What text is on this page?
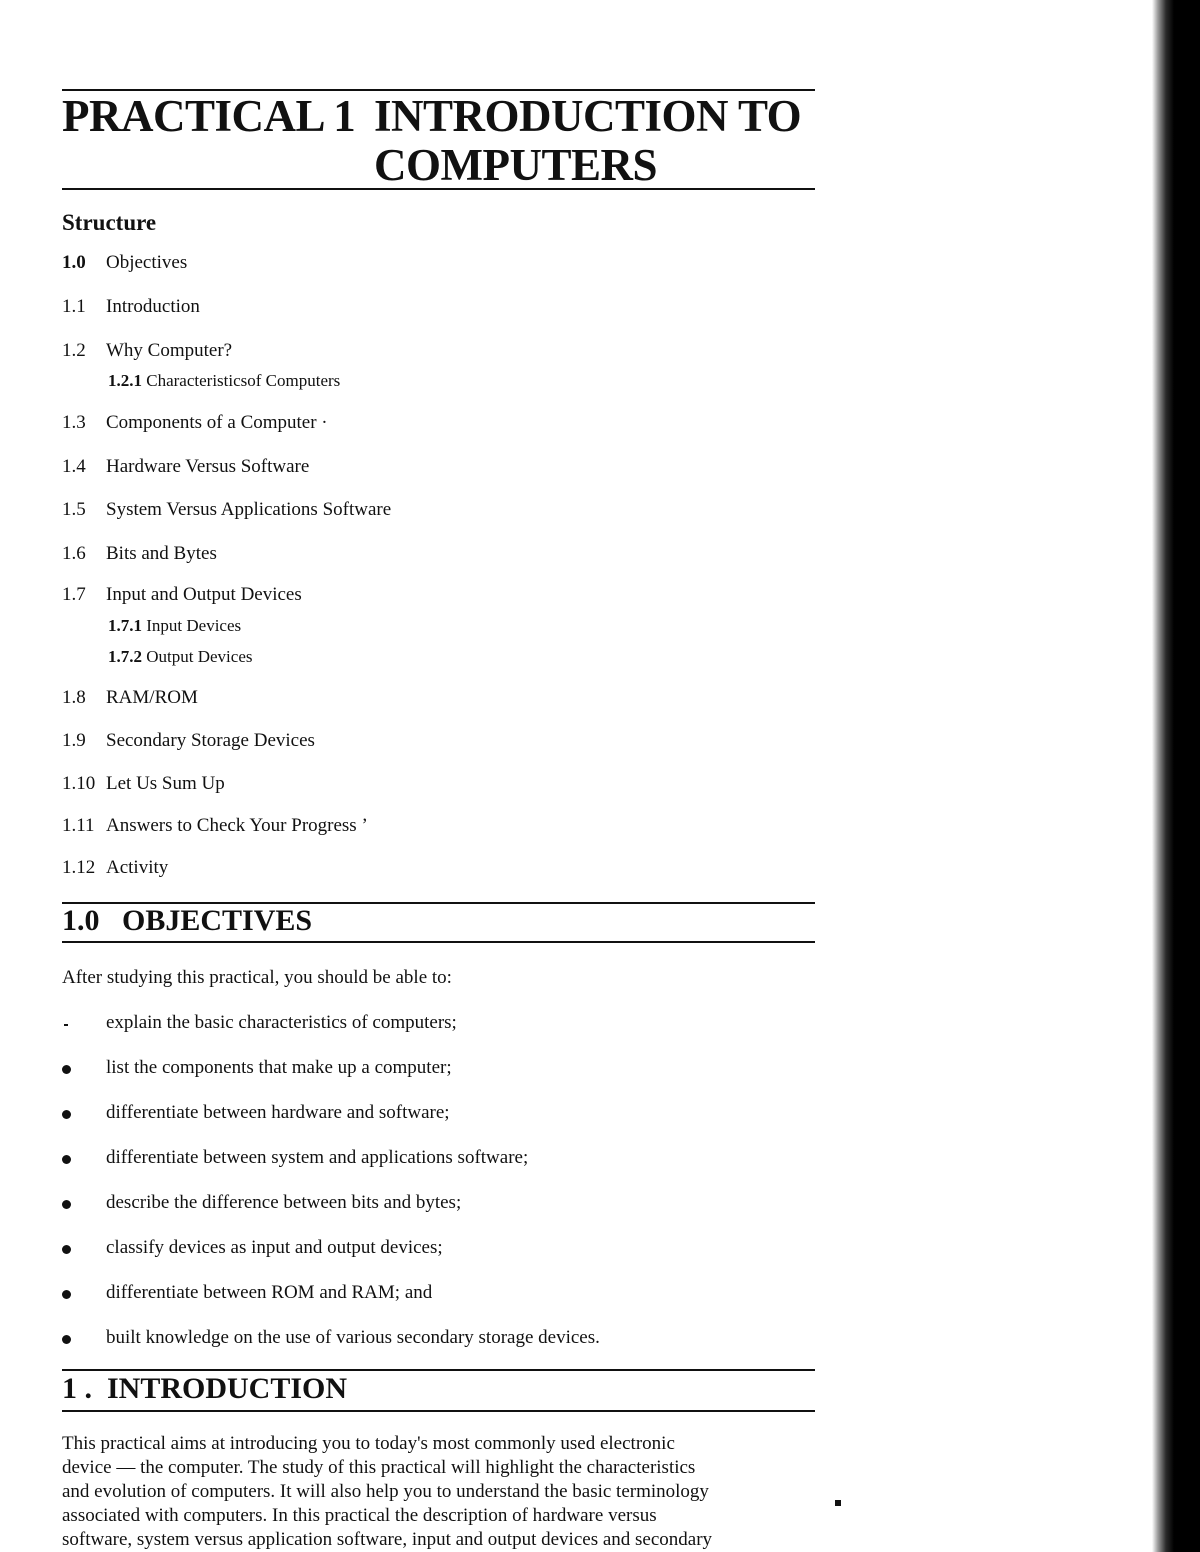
PRACTICAL 1 INTRODUCTION TO
COMPUTERS
Structure
1.0 Objectives
1.1 Introduction
1.2 Why Computer?
1.2.1 Characteristicsof Computers
1.3 Components of a Computer ·
1.4 Hardware Versus Software
1.5 System Versus Applications Software
1.6 Bits and Bytes
1.7 Input and Output Devices
1.7.1 Input Devices
1.7.2 Output Devices
1.8 RAM/ROM
1.9 Secondary Storage Devices
1.10 Let Us Sum Up
1.11 Answers to Check Your Progress ’
1.12 Activity
1.0 OBJECTIVES
After studying this practical, you should be able to:
explain the basic characteristics of computers;
list the components that make up a computer;
differentiate between hardware and software;
differentiate between system and applications software;
describe the difference between bits and bytes;
classify devices as input and output devices;
differentiate between ROM and RAM; and
built knowledge on the use of various secondary storage devices.
1 . INTRODUCTION
This practical aims at introducing you to today's most commonly used electronic
device — the computer. The study of this practical will highlight the characteristics
and evolution of computers. It will also help you to understand the basic terminology
associated with computers. In this practical the description of hardware versus
software, system versus application software, input and output devices and secondary
